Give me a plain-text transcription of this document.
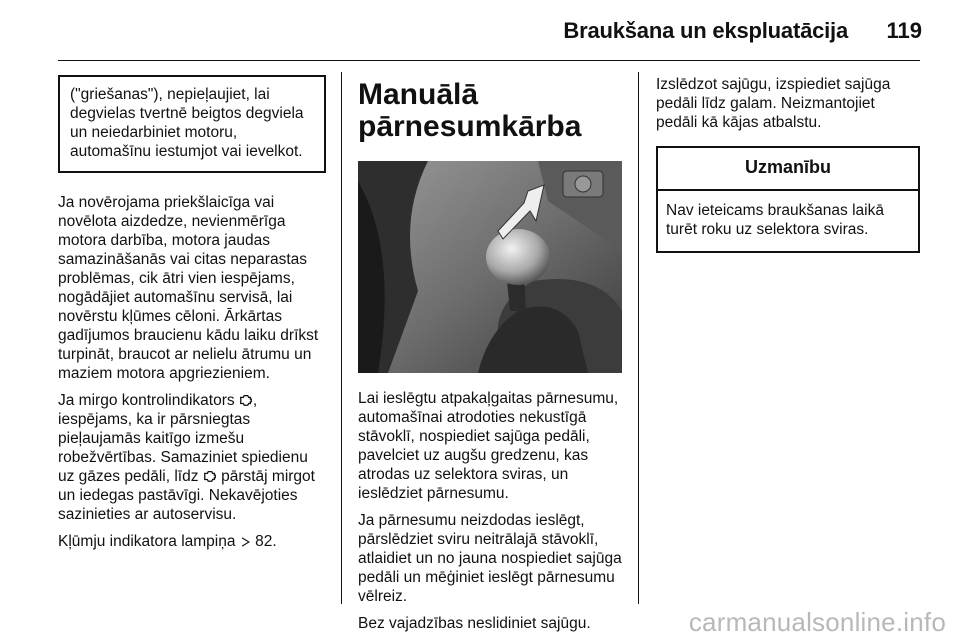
Braukšana un ekspluatācija 119
("griešanas"), nepieļaujiet, lai degvielas tvertnē beigtos degviela un neiedarbiniet motoru, automašīnu iestumjot vai ievelkot.

Ja novērojama priekšlaicīga vai novēlota aizdedze, nevienmērīga motora darbība, motora jaudas samazināšanās vai citas neparastas problēmas, cik ātri vien iespējams, nogādājiet automašīnu servisā, lai novērstu kļūmes cēloni. Ārkārtas gadījumos braucienu kādu laiku drīkst turpināt, braucot ar nelielu ātrumu un maziem motora apgriezieniem.

Ja mirgo kontrolindikators , iespējams, ka ir pārsniegtas pieļaujamās kaitīgo izmešu robežvērtības. Samaziniet spiedienu uz gāzes pedāli, līdz pārstāj mirgot un iedegas pastāvīgi. Nekavējoties sazinieties ar autoservisu.

Kļūmju indikatora lampiņa 82.

Manuālā
pārnesumkārba

Lai ieslēgtu atpakaļgaitas pārnesumu, automašīnai atrodoties nekustīgā stāvoklī, nospiediet sajūga pedāli, pavelciet uz augšu gredzenu, kas atrodas uz selektora sviras, un ieslēdziet pārnesumu.

Ja pārnesumu neizdodas ieslēgt, pārslēdziet sviru neitrālajā stāvoklī, atlaidiet un no jauna nospiediet sajūga pedāli un mēģiniet ieslēgt pārnesumu vēlreiz.

Bez vajadzības neslidiniet sajūgu.

Izslēdzot sajūgu, izspiediet sajūga pedāli līdz galam. Neizmantojiet pedāli kā kājas atbalstu.

Uzmanību
Nav ieteicams braukšanas laikā turēt roku uz selektora sviras.
carmanualsonline.info
